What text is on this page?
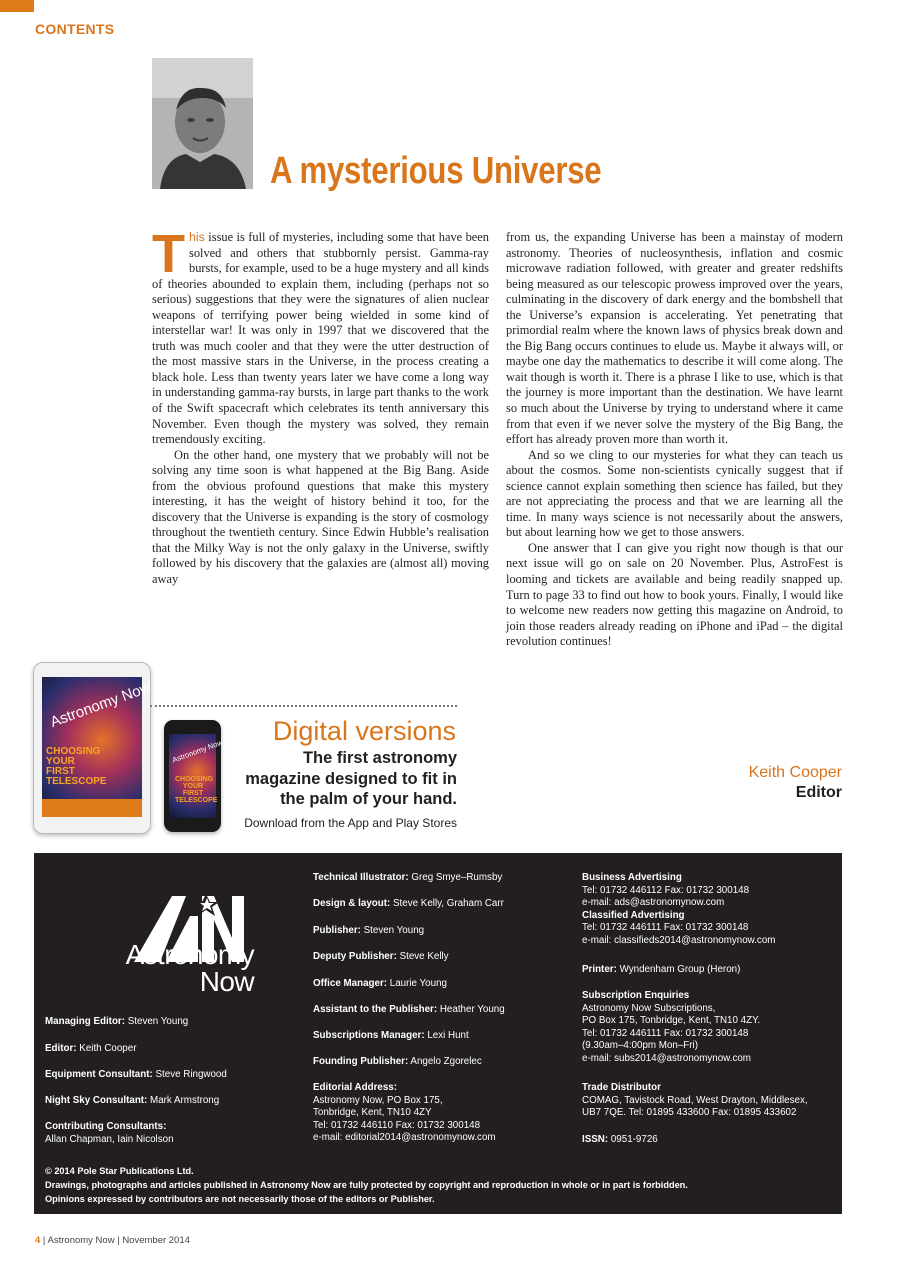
CONTENTS
A mysterious Universe

This issue is full of mysteries, including some that have been solved and others that stubbornly persist. Gamma-ray bursts, for example, used to be a huge mystery and all kinds of theories abounded to explain them, including (perhaps not so serious) suggestions that they were the signatures of alien nuclear weapons of terrifying power being wielded in some kind of interstellar war! It was only in 1997 that we discovered that the truth was much cooler and that they were the utter destruction of the most massive stars in the Universe, in the process creating a black hole. Less than twenty years later we have come a long way in understanding gamma-ray bursts, in large part thanks to the work of the Swift spacecraft which celebrates its tenth anniversary this November. Even though the mystery was solved, they remain tremendously exciting.

On the other hand, one mystery that we probably will not be solving any time soon is what happened at the Big Bang. Aside from the obvious profound questions that make this mystery interesting, it has the weight of history behind it too, for the discovery that the Universe is expanding is the story of cosmology throughout the twentieth century. Since Edwin Hubble’s realisation that the Milky Way is not the only galaxy in the Universe, swiftly followed by his discovery that the galaxies are (almost all) moving away

from us, the expanding Universe has been a mainstay of modern astronomy. Theories of nucleosynthesis, inflation and cosmic microwave radiation followed, with greater and greater redshifts being measured as our telescopic prowess improved over the years, culminating in the discovery of dark energy and the bombshell that the Universe’s expansion is accelerating. Yet penetrating that primordial realm where the known laws of physics break down and the Big Bang occurs continues to elude us. Maybe it always will, or maybe one day the mathematics to describe it will come along. The wait though is worth it. There is a phrase I like to use, which is that the journey is more important than the destination. We have learnt so much about the Universe by trying to understand where it came from that even if we never solve the mystery of the Big Bang, the effort has already proven more than worth it.

And so we cling to our mysteries for what they can teach us about the cosmos. Some non-scientists cynically suggest that if science cannot explain something then science has failed, but they are not appreciating the process and that we are learning all the time. In many ways science is not necessarily about the answers, but about learning how we get to those answers.

One answer that I can give you right now though is that our next issue will go on sale on 20 November. Plus, AstroFest is looming and tickets are available and being readily snapped up. Turn to page 33 to find out how to book yours. Finally, I would like to welcome new readers now getting this magazine on Android, to join those readers already reading on iPhone and iPad – the digital revolution continues!

Keith Cooper
Editor
Astronomy Now
CHOOSING YOUR FIRST TELESCOPE
Astronomy Now
CHOOSING YOUR FIRST TELESCOPE
Digital versions
The first astronomy magazine designed to fit in the palm of your hand.
Download from the App and Play Stores
Astronomy
Now
Managing Editor: Steven Young
Editor: Keith Cooper
Equipment Consultant: Steve Ringwood
Night Sky Consultant: Mark Armstrong
Contributing Consultants:
Allan Chapman, Iain Nicolson
Technical Illustrator: Greg Smye–Rumsby
Design & layout: Steve Kelly, Graham Carr
Publisher: Steven Young
Deputy Publisher: Steve Kelly
Office Manager: Laurie Young
Assistant to the Publisher: Heather Young
Subscriptions Manager: Lexi Hunt
Founding Publisher: Angelo Zgorelec
Editorial Address:
Astronomy Now, PO Box 175,
Tonbridge, Kent, TN10 4ZY
Tel: 01732 446110 Fax: 01732 300148
e-mail: editorial2014@astronomynow.com
Business Advertising
Tel: 01732 446112 Fax: 01732 300148
e-mail: ads@astronomynow.com
Classified Advertising
Tel: 01732 446111 Fax: 01732 300148
e-mail: classifieds2014@astronomynow.com
Printer: Wyndenham Group (Heron)
Subscription Enquiries
Astronomy Now Subscriptions,
PO Box 175, Tonbridge, Kent, TN10 4ZY.
Tel: 01732 446111 Fax: 01732 300148
(9.30am–4:00pm Mon–Fri)
e-mail: subs2014@astronomynow.com
Trade Distributor
COMAG, Tavistock Road, West Drayton, Middlesex,
UB7 7QE. Tel: 01895 433600 Fax: 01895 433602
ISSN: 0951-9726
© 2014 Pole Star Publications Ltd.
Drawings, photographs and articles published in Astronomy Now are fully protected by copyright and reproduction in whole or in part is forbidden.
Opinions expressed by contributors are not necessarily those of the editors or Publisher.
4 | Astronomy Now | November 2014
